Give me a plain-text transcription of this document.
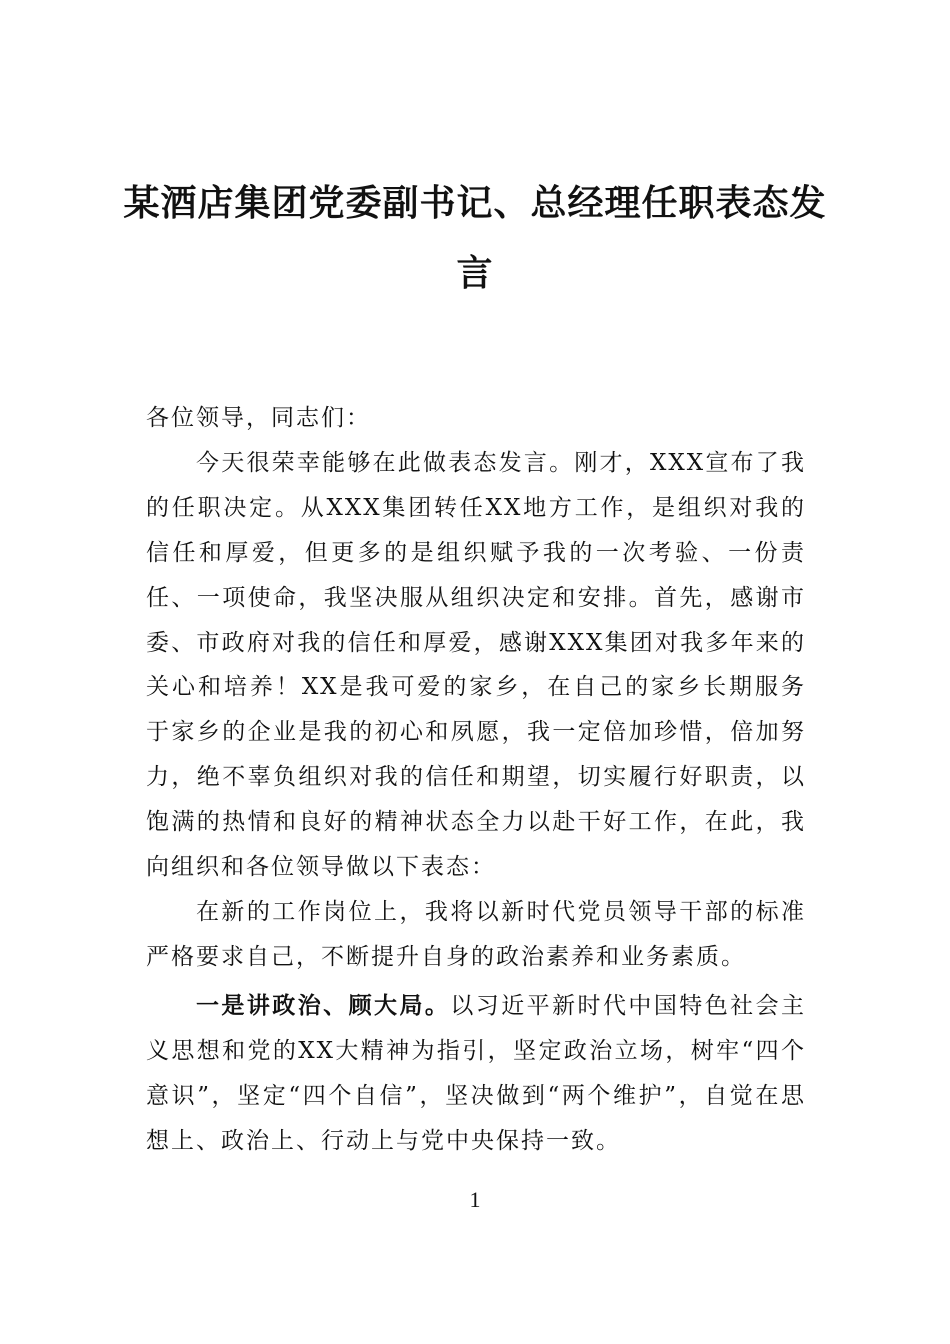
某酒店集团党委副书记、总经理任职表态发言

各位领导，同志们：

今天很荣幸能够在此做表态发言。刚才，XXX宣布了我的任职决定。从XXX集团转任XX地方工作，是组织对我的信任和厚爱，但更多的是组织赋予我的一次考验、一份责任、一项使命，我坚决服从组织决定和安排。首先，感谢市委、市政府对我的信任和厚爱，感谢XXX集团对我多年来的关心和培养！XX是我可爱的家乡，在自己的家乡长期服务于家乡的企业是我的初心和夙愿，我一定倍加珍惜，倍加努力，绝不辜负组织对我的信任和期望，切实履行好职责，以饱满的热情和良好的精神状态全力以赴干好工作，在此，我向组织和各位领导做以下表态：

在新的工作岗位上，我将以新时代党员领导干部的标准严格要求自己，不断提升自身的政治素养和业务素质。

一是讲政治、顾大局。以习近平新时代中国特色社会主义思想和党的XX大精神为指引，坚定政治立场，树牢“四个意识”，坚定“四个自信”，坚决做到“两个维护”，自觉在思想上、政治上、行动上与党中央保持一致。

1
